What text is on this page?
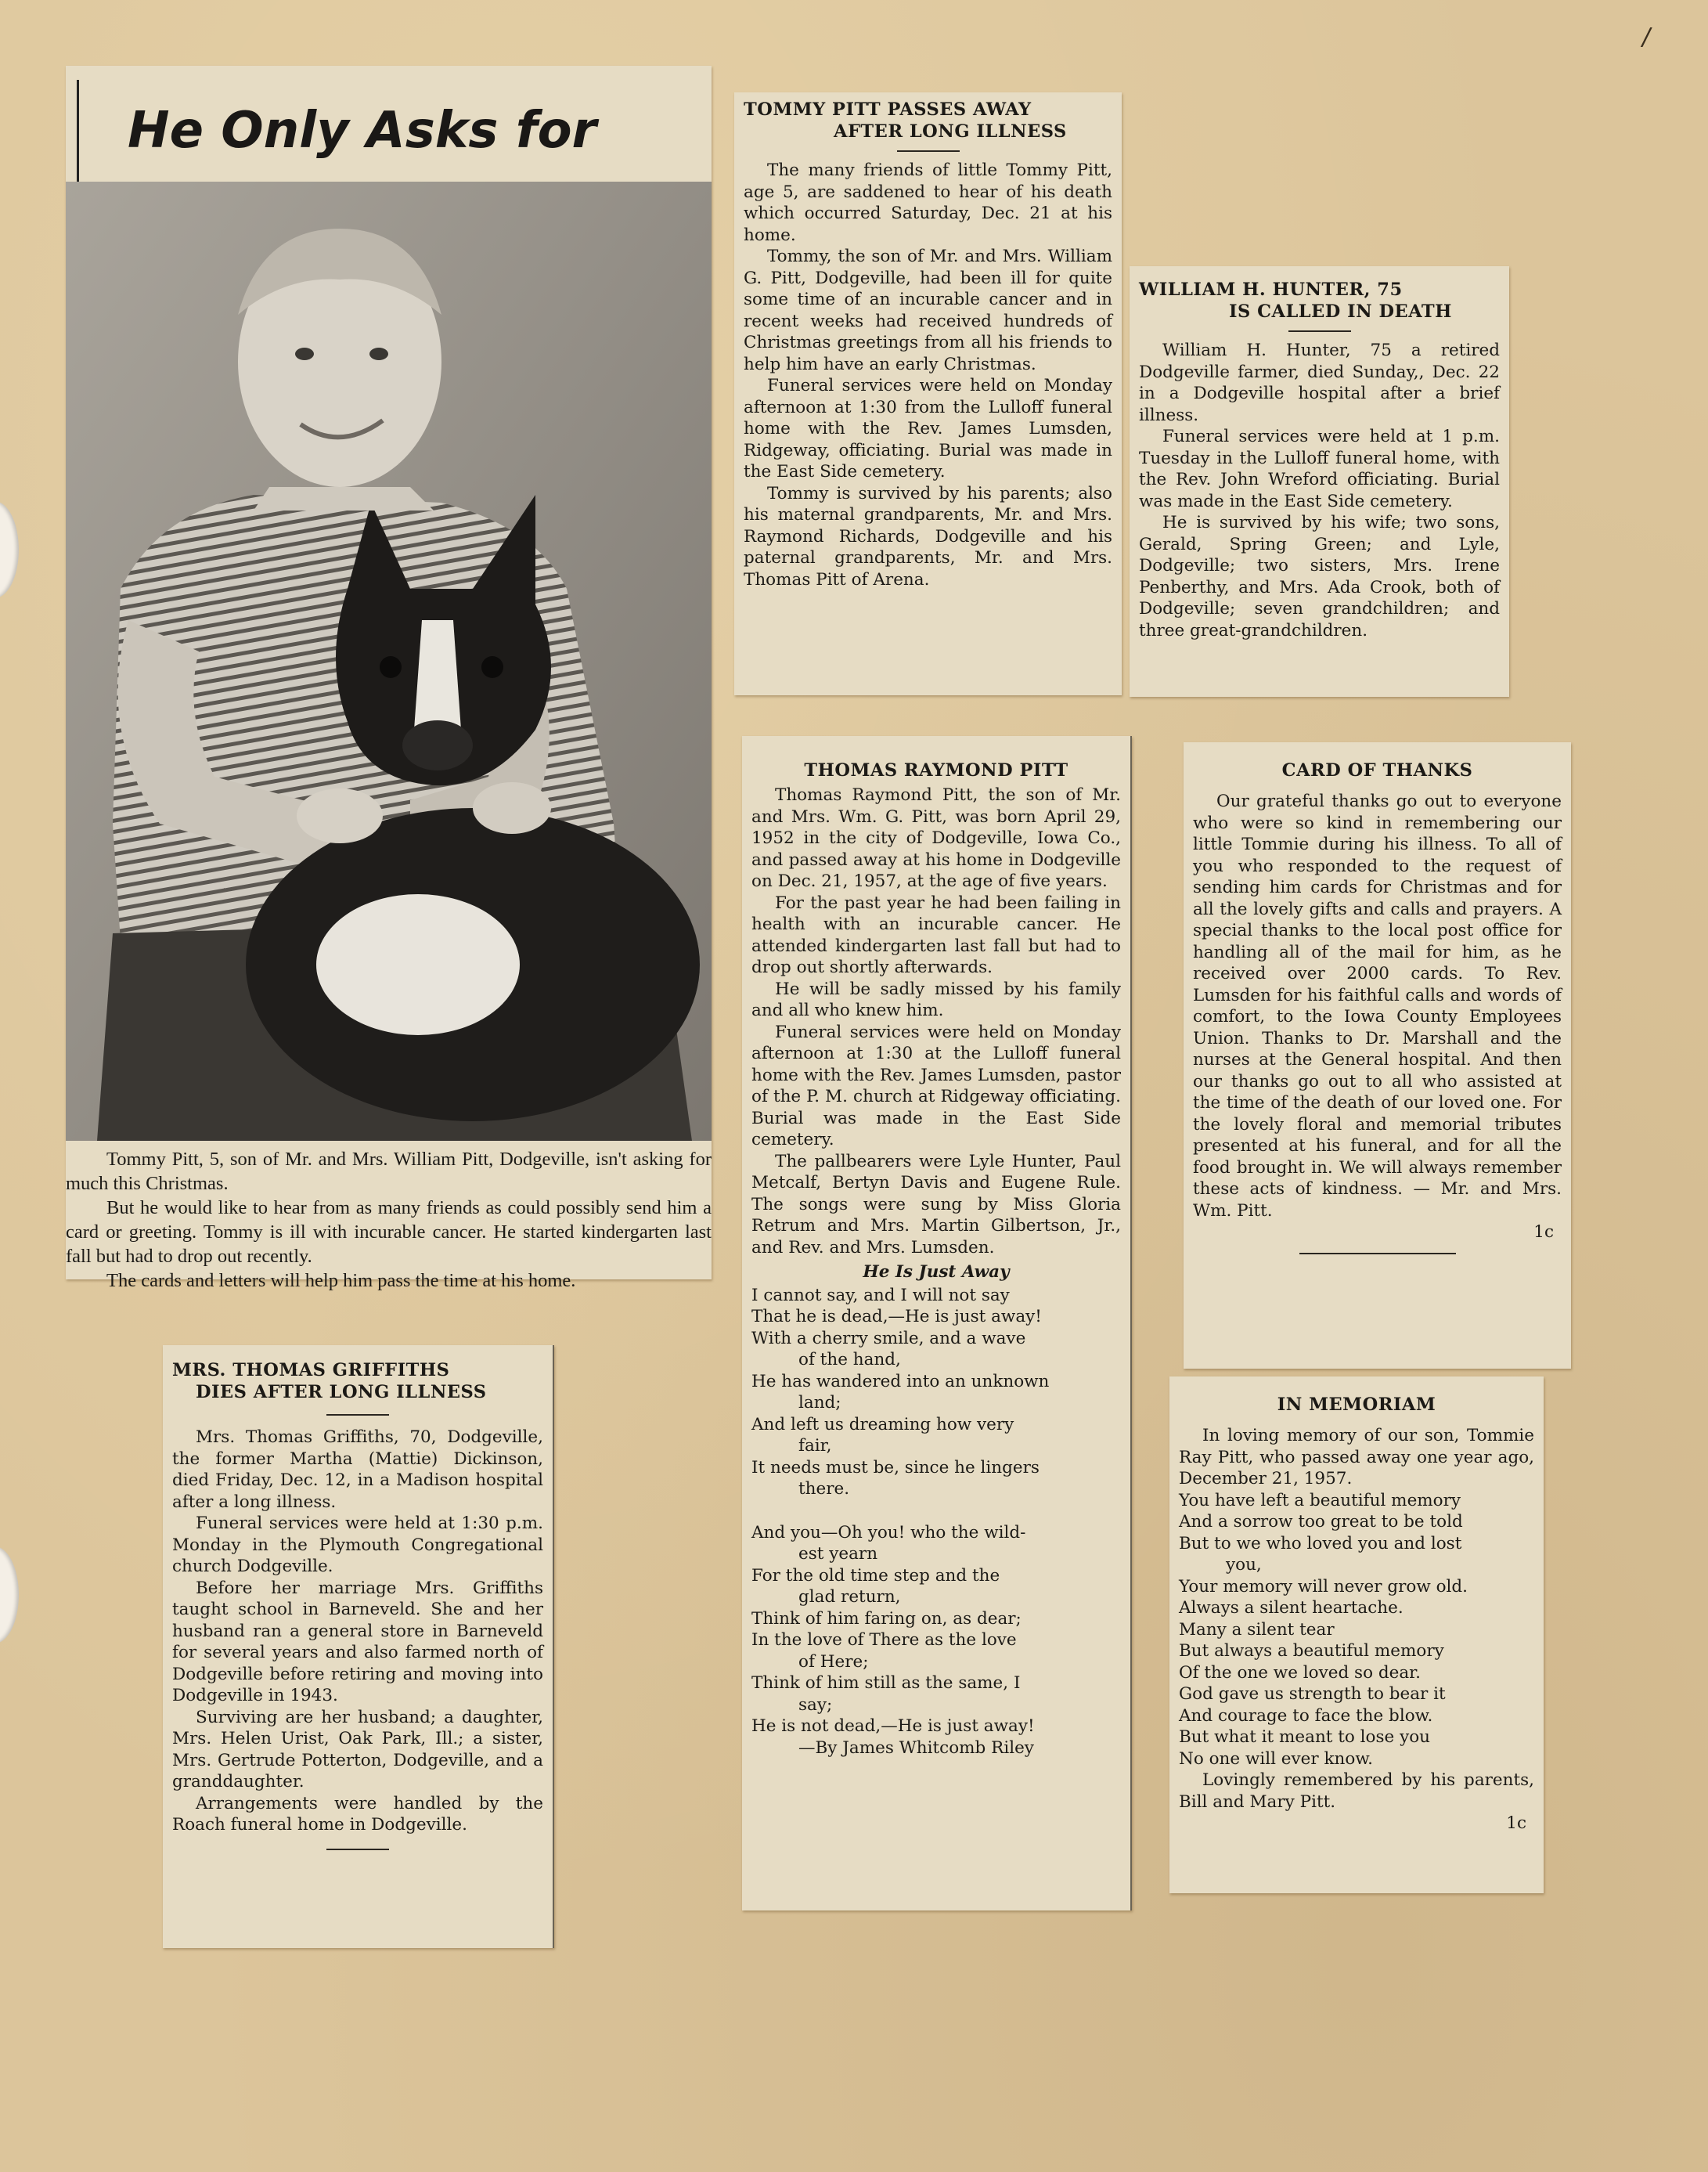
/
He Only Asks for

Tommy Pitt, 5, son of Mr. and Mrs. William Pitt, Dodgeville, isn't asking for much this Christmas.

But he would like to hear from as many friends as could possibly send him a card or greeting. Tommy is ill with incurable cancer. He started kindergarten last fall but had to drop out recently.

The cards and letters will help him pass the time at his home.

TOMMY PITT PASSES AWAY
AFTER LONG ILLNESS

The many friends of little Tommy Pitt, age 5, are saddened to hear of his death which occurred Saturday, Dec. 21 at his home.

Tommy, the son of Mr. and Mrs. William G. Pitt, Dodgeville, had been ill for quite some time of an incurable cancer and in recent weeks had received hundreds of Christmas greetings from all his friends to help him have an early Christmas.

Funeral services were held on Monday afternoon at 1:30 from the Lulloff funeral home with the Rev. James Lumsden, Ridgeway, officiating. Burial was made in the East Side cemetery.

Tommy is survived by his parents; also his maternal grandparents, Mr. and Mrs. Raymond Richards, Dodgeville and his paternal grandparents, Mr. and Mrs. Thomas Pitt of Arena.

WILLIAM H. HUNTER, 75
IS CALLED IN DEATH

William H. Hunter, 75 a retired Dodgeville farmer, died Sunday,, Dec. 22 in a Dodgeville hospital after a brief illness.

Funeral services were held at 1 p.m. Tuesday in the Lulloff funeral home, with the Rev. John Wreford officiating. Burial was made in the East Side cemetery.

He is survived by his wife; two sons, Gerald, Spring Green; and Lyle, Dodgeville; two sisters, Mrs. Irene Penberthy, and Mrs. Ada Crook, both of Dodgeville; seven grandchildren; and three great-grandchildren.

THOMAS RAYMOND PITT

Thomas Raymond Pitt, the son of Mr. and Mrs. Wm. G. Pitt, was born April 29, 1952 in the city of Dodgeville, Iowa Co., and passed away at his home in Dodgeville on Dec. 21, 1957, at the age of five years.

For the past year he had been failing in health with an incurable cancer. He attended kindergarten last fall but had to drop out shortly afterwards.

He will be sadly missed by his family and all who knew him.

Funeral services were held on Monday afternoon at 1:30 at the Lulloff funeral home with the Rev. James Lumsden, pastor of the P. M. church at Ridgeway officiating. Burial was made in the East Side cemetery.

The pallbearers were Lyle Hunter, Paul Metcalf, Bertyn Davis and Eugene Rule. The songs were sung by Miss Gloria Retrum and Mrs. Martin Gilbertson, Jr., and Rev. and Mrs. Lumsden.

He Is Just Away
I cannot say, and I will not say
That he is dead,—He is just away!
With a cherry smile, and a wave
of the hand,
He has wandered into an unknown
land;
And left us dreaming how very
fair,
It needs must be, since he lingers
there.
And you—Oh you! who the wild-
est yearn
For the old time step and the
glad return,
Think of him faring on, as dear;
In the love of There as the love
of Here;
Think of him still as the same, I
say;
He is not dead,—He is just away!
—By James Whitcomb Riley
CARD OF THANKS

Our grateful thanks go out to everyone who were so kind in remembering our little Tommie during his illness. To all of you who responded to the request of sending him cards for Christmas and for all the lovely gifts and calls and prayers. A special thanks to the local post office for handling all of the mail for him, as he received over 2000 cards. To Rev. Lumsden for his faithful calls and words of comfort, to the Iowa County Employees Union. Thanks to Dr. Marshall and the nurses at the General hospital. And then our thanks go out to all who assisted at the time of the death of our loved one. For the lovely floral and memorial tributes presented at his funeral, and for all the food brought in. We will always remember these acts of kindness. — Mr. and Mrs. Wm. Pitt.

1c
IN MEMORIAM

In loving memory of our son, Tommie Ray Pitt, who passed away one year ago, December 21, 1957.

You have left a beautiful memory
And a sorrow too great to be told
But to we who loved you and lost
you,
Your memory will never grow old.
Always a silent heartache.
Many a silent tear
But always a beautiful memory
Of the one we loved so dear.
God gave us strength to bear it
And courage to face the blow.
But what it meant to lose you
No one will ever know.

Lovingly remembered by his parents, Bill and Mary Pitt.

1c
MRS. THOMAS GRIFFITHS
DIES AFTER LONG ILLNESS

Mrs. Thomas Griffiths, 70, Dodgeville, the former Martha (Mattie) Dickinson, died Friday, Dec. 12, in a Madison hospital after a long illness.

Funeral services were held at 1:30 p.m. Monday in the Plymouth Congregational church Dodgeville.

Before her marriage Mrs. Griffiths taught school in Barneveld. She and her husband ran a general store in Barneveld for several years and also farmed north of Dodgeville before retiring and moving into Dodgeville in 1943.

Surviving are her husband; a daughter, Mrs. Helen Urist, Oak Park, Ill.; a sister, Mrs. Gertrude Potterton, Dodgeville, and a granddaughter.

Arrangements were handled by the Roach funeral home in Dodgeville.
